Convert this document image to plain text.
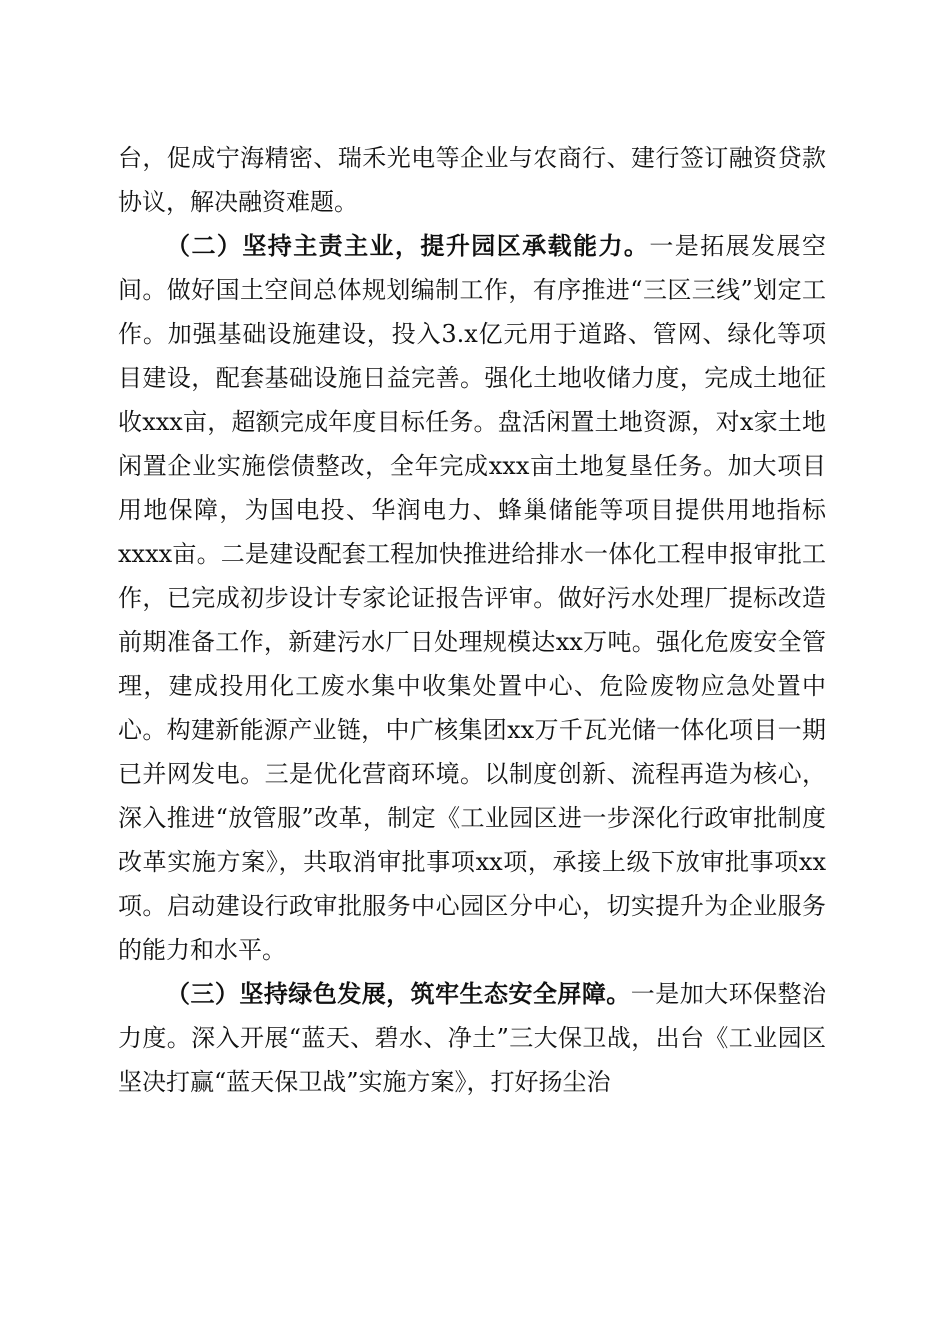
台，促成宁海精密、瑞禾光电等企业与农商行、建行签订融资贷款协议，解决融资难题。

（二）坚持主责主业，提升园区承载能力。一是拓展发展空间。做好国土空间总体规划编制工作，有序推进“三区三线”划定工作。加强基础设施建设，投入3.x亿元用于道路、管网、绿化等项目建设，配套基础设施日益完善。强化土地收储力度，完成土地征收xxx亩，超额完成年度目标任务。盘活闲置土地资源，对x家土地闲置企业实施偿债整改，全年完成xxx亩土地复垦任务。加大项目用地保障，为国电投、华润电力、蜂巢储能等项目提供用地指标xxxx亩。二是建设配套工程加快推进给排水一体化工程申报审批工作，已完成初步设计专家论证报告评审。做好污水处理厂提标改造前期准备工作，新建污水厂日处理规模达xx万吨。强化危废安全管理，建成投用化工废水集中收集处置中心、危险废物应急处置中心。构建新能源产业链，中广核集团xx万千瓦光储一体化项目一期已并网发电。三是优化营商环境。以制度创新、流程再造为核心，深入推进“放管服”改革，制定《工业园区进一步深化行政审批制度改革实施方案》，共取消审批事项xx项，承接上级下放审批事项xx项。启动建设行政审批服务中心园区分中心，切实提升为企业服务的能力和水平。

（三）坚持绿色发展，筑牢生态安全屏障。一是加大环保整治力度。深入开展“蓝天、碧水、净土”三大保卫战，出台《工业园区坚决打赢“蓝天保卫战”实施方案》，打好扬尘治
